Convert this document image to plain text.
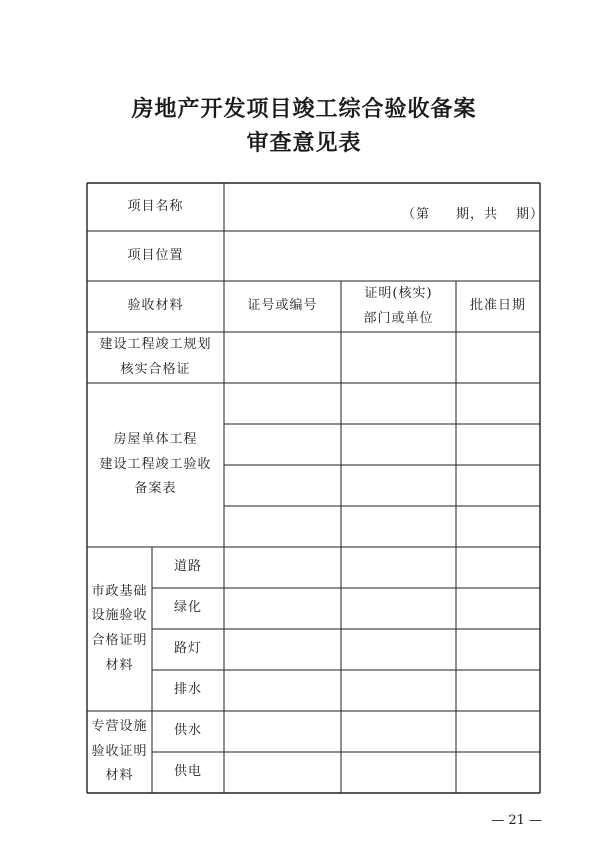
房地产开发项目竣工综合验收备案
审查意见表
项目名称
（第 期，共 期）
项目位置
验收材料	证号或编号
证明(核实)
部门或单位
批准日期
建设工程竣工规划
核实合格证
房屋单体工程
建设工程竣工验收
备案表
市政基础
设施验收
合格证明
材料
道路
绿化
路灯
排水
专营设施
验收证明
材料
供水
供电
— 21 —
